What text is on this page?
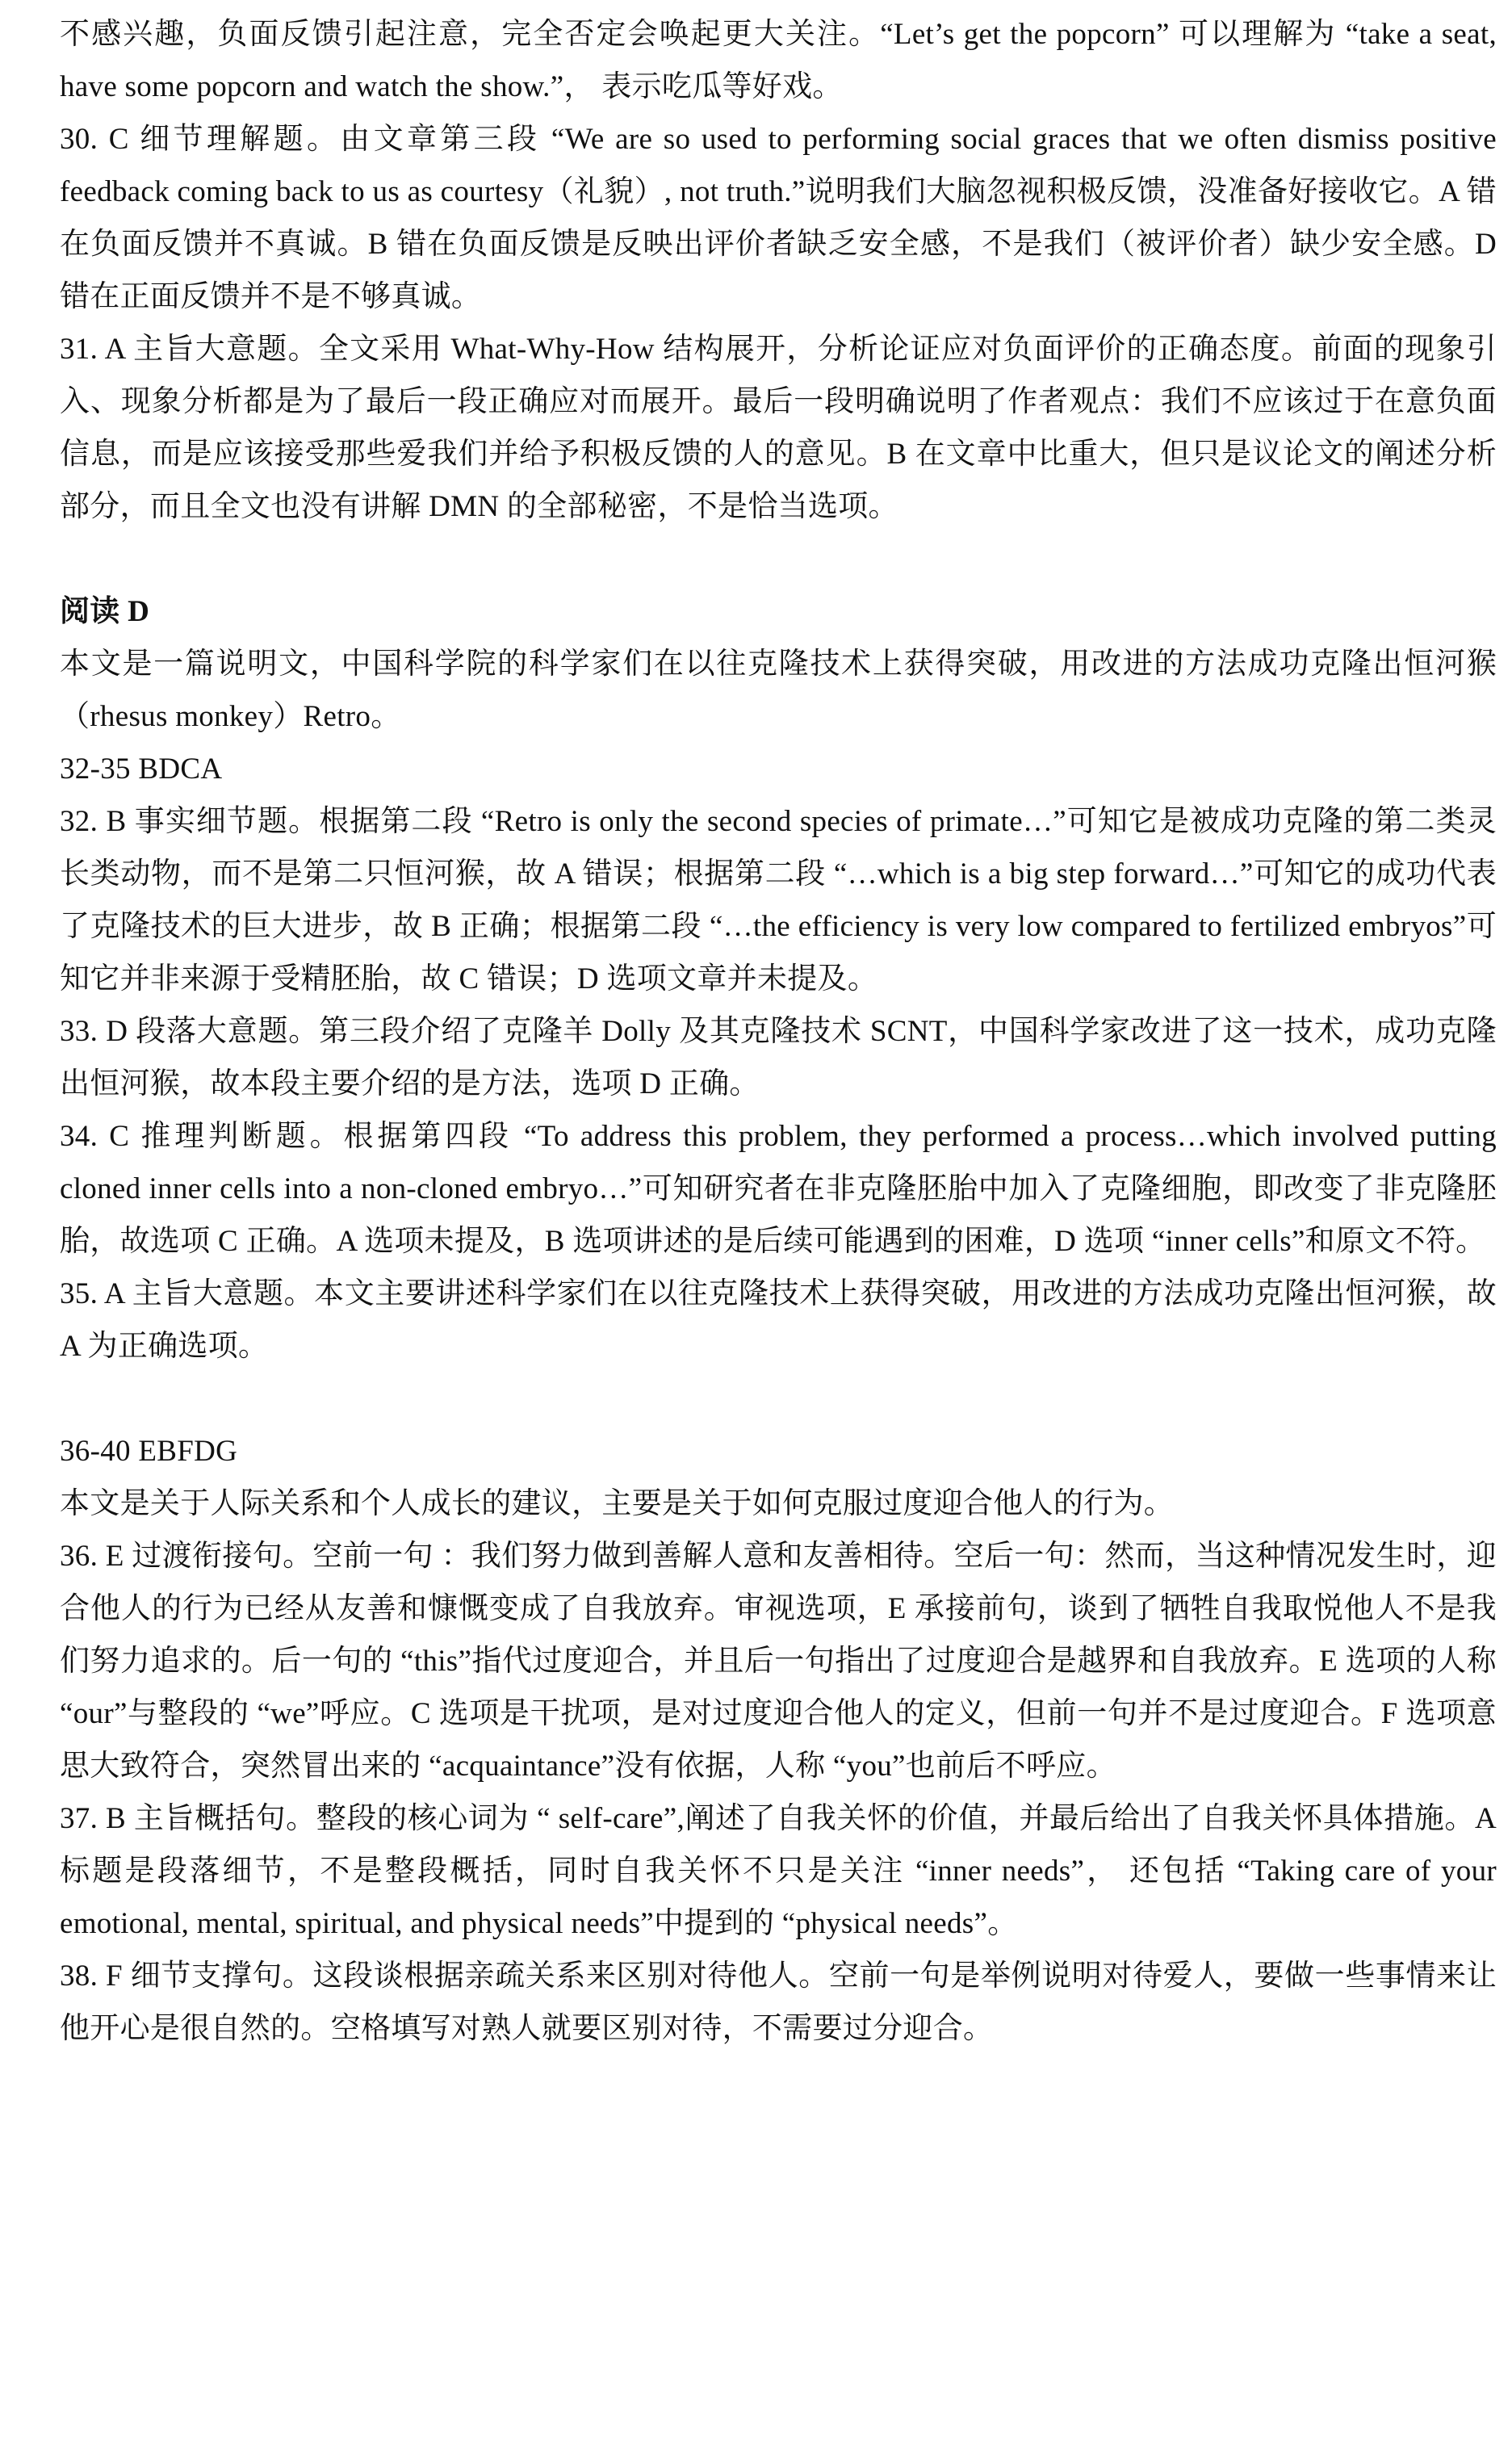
不感兴趣，负面反馈引起注意，完全否定会唤起更大关注。“Let’s get the popcorn” 可以理解为 “take a seat, have some popcorn and watch the show.”， 表示吃瓜等好戏。

30. C 细节理解题。由文章第三段 “We are so used to performing social graces that we often dismiss positive feedback coming back to us as courtesy（礼貌）, not truth.”说明我们大脑忽视积极反馈，没准备好接收它。A 错在负面反馈并不真诚。B 错在负面反馈是反映出评价者缺乏安全感，不是我们（被评价者）缺少安全感。D 错在正面反馈并不是不够真诚。

31. A 主旨大意题。全文采用 What-Why-How 结构展开，分析论证应对负面评价的正确态度。前面的现象引入、现象分析都是为了最后一段正确应对而展开。最后一段明确说明了作者观点：我们不应该过于在意负面信息，而是应该接受那些爱我们并给予积极反馈的人的意见。B 在文章中比重大，但只是议论文的阐述分析部分，而且全文也没有讲解 DMN 的全部秘密，不是恰当选项。

阅读 D

本文是一篇说明文，中国科学院的科学家们在以往克隆技术上获得突破，用改进的方法成功克隆出恒河猴（rhesus monkey）Retro。

32-35 BDCA

32. B 事实细节题。根据第二段 “Retro is only the second species of primate…”可知它是被成功克隆的第二类灵长类动物，而不是第二只恒河猴，故 A 错误；根据第二段 “…which is a big step forward…”可知它的成功代表了克隆技术的巨大进步，故 B 正确；根据第二段 “…the efficiency is very low compared to fertilized embryos”可知它并非来源于受精胚胎，故 C 错误；D 选项文章并未提及。

33. D 段落大意题。第三段介绍了克隆羊 Dolly 及其克隆技术 SCNT，中国科学家改进了这一技术，成功克隆出恒河猴，故本段主要介绍的是方法，选项 D 正确。

34. C 推理判断题。根据第四段 “To address this problem, they performed a process…which involved putting cloned inner cells into a non-cloned embryo…”可知研究者在非克隆胚胎中加入了克隆细胞，即改变了非克隆胚胎，故选项 C 正确。A 选项未提及，B 选项讲述的是后续可能遇到的困难，D 选项 “inner cells”和原文不符。

35. A 主旨大意题。本文主要讲述科学家们在以往克隆技术上获得突破，用改进的方法成功克隆出恒河猴，故 A 为正确选项。

36-40 EBFDG

本文是关于人际关系和个人成长的建议，主要是关于如何克服过度迎合他人的行为。

36. E 过渡衔接句。空前一句 ：我们努力做到善解人意和友善相待。空后一句：然而，当这种情况发生时，迎合他人的行为已经从友善和慷慨变成了自我放弃。审视选项，E 承接前句，谈到了牺牲自我取悦他人不是我们努力追求的。后一句的 “this”指代过度迎合，并且后一句指出了过度迎合是越界和自我放弃。E 选项的人称 “our”与整段的 “we”呼应。C 选项是干扰项，是对过度迎合他人的定义，但前一句并不是过度迎合。F 选项意思大致符合，突然冒出来的 “acquaintance”没有依据，人称 “you”也前后不呼应。

37. B 主旨概括句。整段的核心词为 “ self-care”,阐述了自我关怀的价值，并最后给出了自我关怀具体措施。A 标题是段落细节，不是整段概括，同时自我关怀不只是关注 “inner needs”， 还包括 “Taking care of your emotional, mental, spiritual, and physical needs”中提到的 “physical needs”。

38. F 细节支撑句。这段谈根据亲疏关系来区别对待他人。空前一句是举例说明对待爱人，要做一些事情来让他开心是很自然的。空格填写对熟人就要区别对待，不需要过分迎合。
